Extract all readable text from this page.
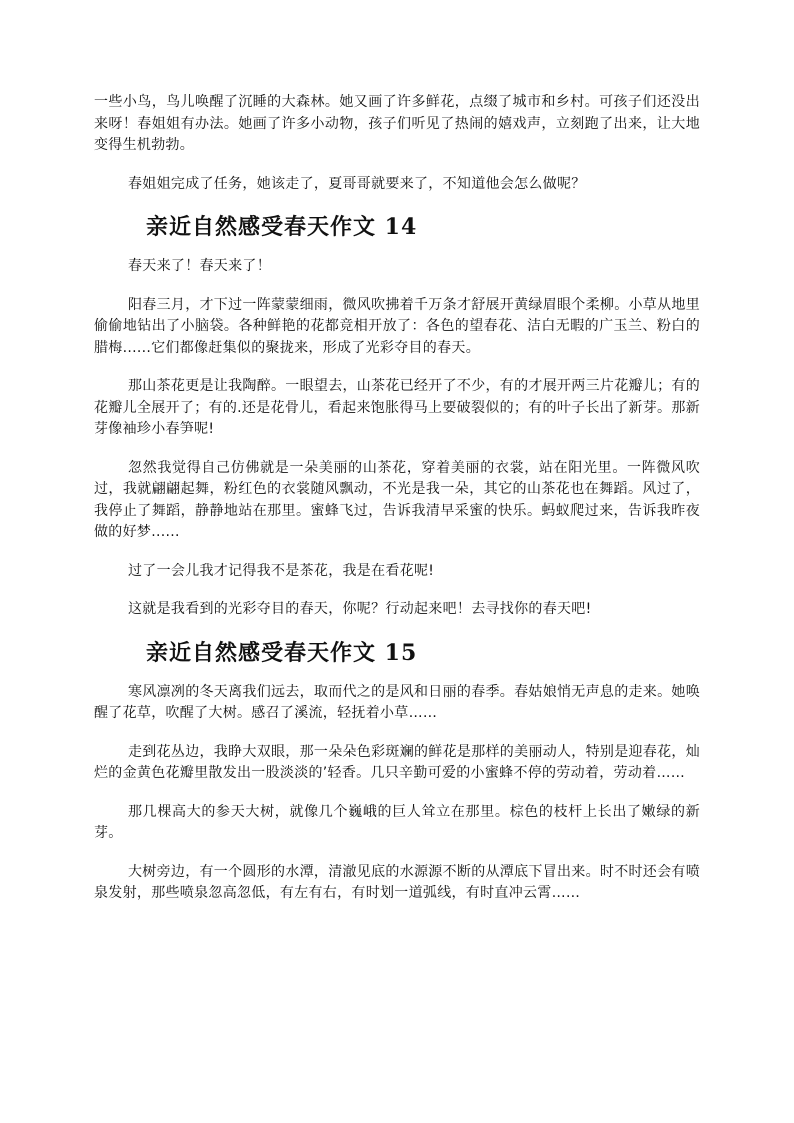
一些小鸟，鸟儿唤醒了沉睡的大森林。她又画了许多鲜花，点缀了城市和乡村。可孩子们还没出来呀！春姐姐有办法。她画了许多小动物，孩子们听见了热闹的嬉戏声，立刻跑了出来，让大地变得生机勃勃。

春姐姐完成了任务，她该走了，夏哥哥就要来了，不知道他会怎么做呢？

亲近自然感受春天作文 14

春天来了！春天来了！

阳春三月，才下过一阵蒙蒙细雨，微风吹拂着千万条才舒展开黄绿眉眼个柔柳。小草从地里偷偷地钻出了小脑袋。各种鲜艳的花都竞相开放了：各色的望春花、洁白无暇的广玉兰、粉白的腊梅......它们都像赶集似的聚拢来，形成了光彩夺目的春天。

那山茶花更是让我陶醉。一眼望去，山茶花已经开了不少，有的才展开两三片花瓣儿；有的花瓣儿全展开了；有的.还是花骨儿，看起来饱胀得马上要破裂似的；有的叶子长出了新芽。那新芽像袖珍小春笋呢!

忽然我觉得自己仿佛就是一朵美丽的山茶花，穿着美丽的衣裳，站在阳光里。一阵微风吹过，我就翩翩起舞，粉红色的衣裳随风飘动，不光是我一朵，其它的山茶花也在舞蹈。风过了，我停止了舞蹈，静静地站在那里。蜜蜂飞过，告诉我清早采蜜的快乐。蚂蚁爬过来，告诉我昨夜做的好梦......

过了一会儿我才记得我不是茶花，我是在看花呢!

这就是我看到的光彩夺目的春天，你呢？行动起来吧！去寻找你的春天吧!

亲近自然感受春天作文 15

寒风凛冽的冬天离我们远去，取而代之的是风和日丽的春季。春姑娘悄无声息的走来。她唤醒了花草，吹醒了大树。感召了溪流，轻抚着小草……

走到花丛边，我睁大双眼，那一朵朵色彩斑斓的鲜花是那样的美丽动人，特别是迎春花，灿烂的金黄色花瓣里散发出一股淡淡的’轻香。几只辛勤可爱的小蜜蜂不停的劳动着，劳动着……

那几棵高大的参天大树，就像几个巍峨的巨人耸立在那里。棕色的枝杆上长出了嫩绿的新芽。

大树旁边，有一个圆形的水潭，清澈见底的水源源不断的从潭底下冒出来。时不时还会有喷泉发射，那些喷泉忽高忽低，有左有右，有时划一道弧线，有时直冲云霄……
